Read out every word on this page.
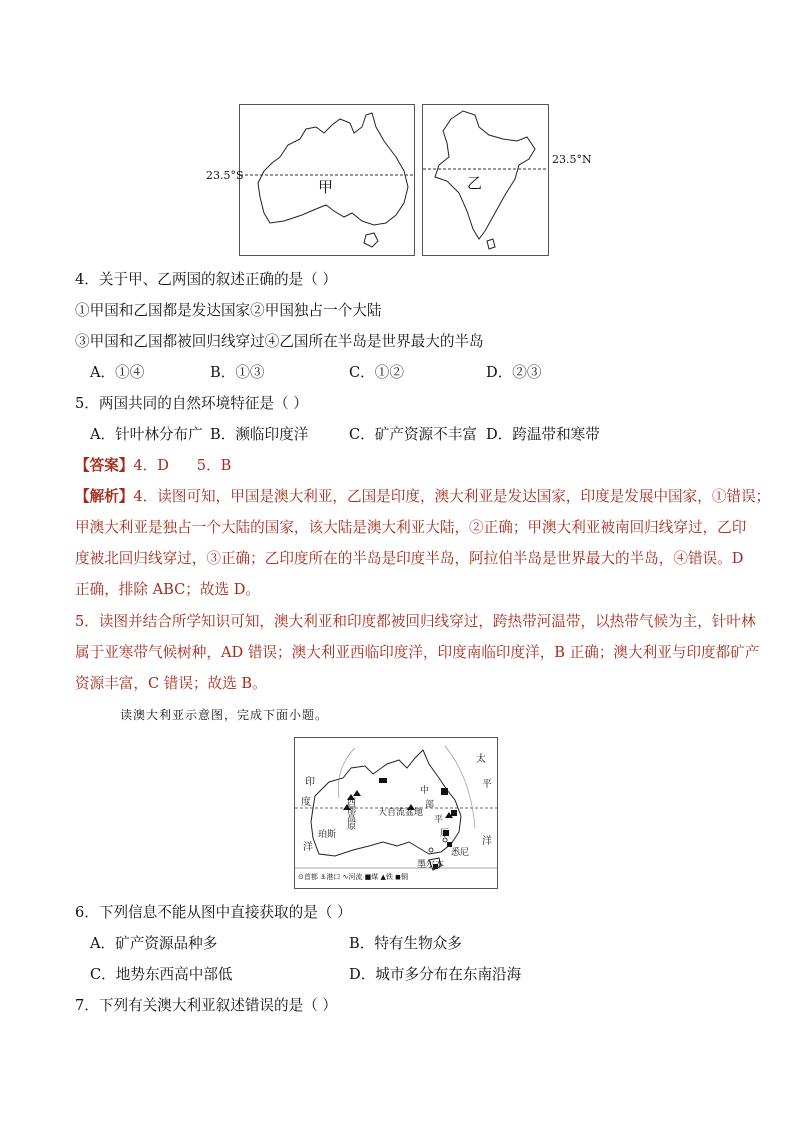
23.5°S
甲
23.5°N
乙
4．关于甲、乙两国的叙述正确的是（ ）
①甲国和乙国都是发达国家②甲国独占一个大陆
③甲国和乙国都被回归线穿过④乙国所在半岛是世界最大的半岛
A．①④	B．①③	C．①②	D．②③
5．两国共同的自然环境特征是（ ）
A．针叶林分布广 B．濒临印度洋	C．矿产资源不丰富 D．跨温带和寒带
【答案】4．D      5．B
【解析】4．读图可知，甲国是澳大利亚，乙国是印度，澳大利亚是发达国家，印度是发展中国家，①错误；
甲澳大利亚是独占一个大陆的国家，该大陆是澳大利亚大陆，②正确；甲澳大利亚被南回归线穿过，乙印
度被北回归线穿过，③正确；乙印度所在的半岛是印度半岛，阿拉伯半岛是世界最大的半岛，④错误。D
正确，排除 ABC；故选 D。
5．读图并结合所学知识可知，澳大利亚和印度都被回归线穿过，跨热带河温带，以热带气候为主，针叶林
属于亚寒带气候树种，AD 错误；澳大利亚西临印度洋，印度南临印度洋，B 正确；澳大利亚与印度都矿产
资源丰富，C 错误；故选 B。
读澳大利亚示意图，完成下面小题。
印
度
洋
太
平
洋
西
部
高
原
大自流盆地
中
部
平
原
珀斯
悉尼
墨尔本
⊙首都 ⚓港口 ∿河流 ■煤 ▲铁 ◼铜
6．下列信息不能从图中直接获取的是（ ）
A．矿产资源品种多	B．特有生物众多
C．地势东西高中部低	D．城市多分布在东南沿海
7．下列有关澳大利亚叙述错误的是（ ）
